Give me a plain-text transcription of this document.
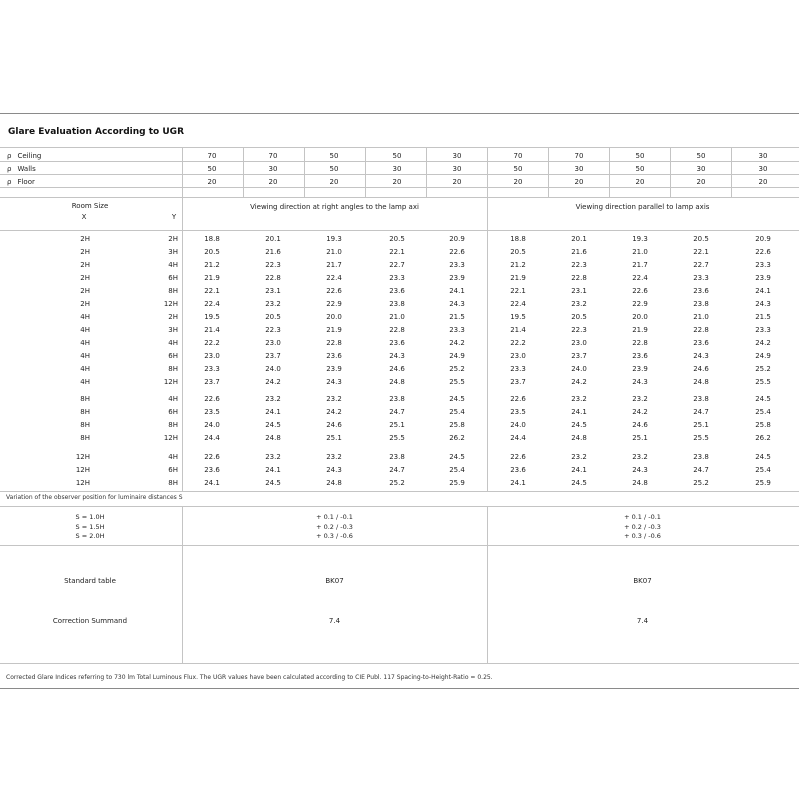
Glare Evaluation According to UGR
ρ Ceiling	70	70	50	50	30	70	70	50	50	30
ρ Walls	50	30	50	30	30	50	30	50	30	30
ρ Floor	20	20	20	20	20	20	20	20	20	20
Room Size
X	Y
Viewing direction at right angles to the lamp axi	Viewing direction parallel to lamp axis
2H	2H	18.8	20.1	19.3	20.5	20.9	18.8	20.1	19.3	20.5	20.9
2H	3H	20.5	21.6	21.0	22.1	22.6	20.5	21.6	21.0	22.1	22.6
2H	4H	21.2	22.3	21.7	22.7	23.3	21.2	22.3	21.7	22.7	23.3
2H	6H	21.9	22.8	22.4	23.3	23.9	21.9	22.8	22.4	23.3	23.9
2H	8H	22.1	23.1	22.6	23.6	24.1	22.1	23.1	22.6	23.6	24.1
2H	12H	22.4	23.2	22.9	23.8	24.3	22.4	23.2	22.9	23.8	24.3
4H	2H	19.5	20.5	20.0	21.0	21.5	19.5	20.5	20.0	21.0	21.5
4H	3H	21.4	22.3	21.9	22.8	23.3	21.4	22.3	21.9	22.8	23.3
4H	4H	22.2	23.0	22.8	23.6	24.2	22.2	23.0	22.8	23.6	24.2
4H	6H	23.0	23.7	23.6	24.3	24.9	23.0	23.7	23.6	24.3	24.9
4H	8H	23.3	24.0	23.9	24.6	25.2	23.3	24.0	23.9	24.6	25.2
4H	12H	23.7	24.2	24.3	24.8	25.5	23.7	24.2	24.3	24.8	25.5
8H	4H	22.6	23.2	23.2	23.8	24.5	22.6	23.2	23.2	23.8	24.5
8H	6H	23.5	24.1	24.2	24.7	25.4	23.5	24.1	24.2	24.7	25.4
8H	8H	24.0	24.5	24.6	25.1	25.8	24.0	24.5	24.6	25.1	25.8
8H	12H	24.4	24.8	25.1	25.5	26.2	24.4	24.8	25.1	25.5	26.2
12H	4H	22.6	23.2	23.2	23.8	24.5	22.6	23.2	23.2	23.8	24.5
12H	6H	23.6	24.1	24.3	24.7	25.4	23.6	24.1	24.3	24.7	25.4
12H	8H	24.1	24.5	24.8	25.2	25.9	24.1	24.5	24.8	25.2	25.9
Variation of the observer position for luminaire distances S
S = 1.0H	+ 0.1 / -0.1	+ 0.1 / -0.1
S = 1.5H	+ 0.2 / -0.3	+ 0.2 / -0.3
S = 2.0H	+ 0.3 / -0.6	+ 0.3 / -0.6
Standard table	BK07	BK07
Correction Summand	7.4	7.4
Corrected Glare Indices referring to 730 lm Total Luminous Flux. The UGR values have been calculated according to CIE Publ. 117 Spacing-to-Height-Ratio = 0.25.
